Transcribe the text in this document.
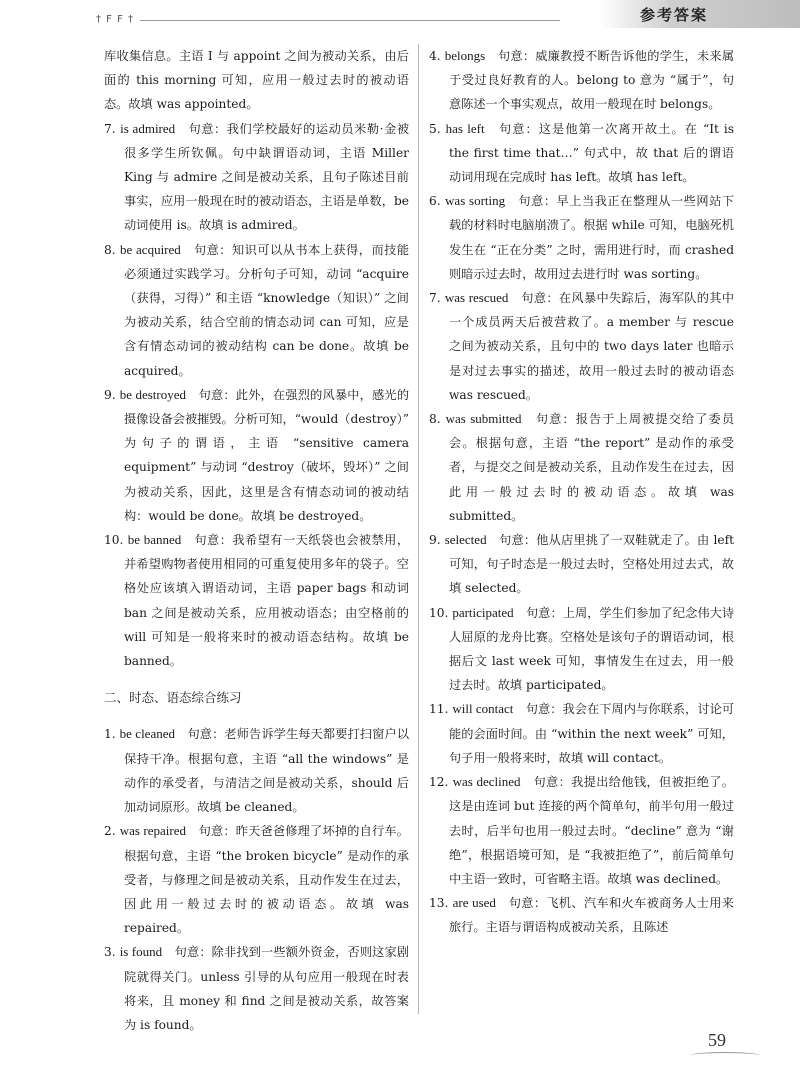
† F F †	参考答案

库收集信息。主语 I 与 appoint 之间为被动关系，由后面的 this morning 可知，应用一般过去时的被动语态。故填 was appointed。

7. is admired　 句意：我们学校最好的运动员米勒·金被很多学生所钦佩。句中缺谓语动词，主语 Miller King 与 admire 之间是被动关系，且句子陈述目前事实，应用一般现在时的被动语态，主语是单数，be 动词使用 is。故填 is admired。

8. be acquired　 句意：知识可以从书本上获得，而技能必须通过实践学习。分析句子可知，动词 “acquire（获得，习得）” 和主语 “knowledge（知识）” 之间为被动关系，结合空前的情态动词 can 可知，应是含有情态动词的被动结构 can be done。故填 be acquired。

9. be destroyed　 句意：此外，在强烈的风暴中，感光的摄像设备会被摧毁。分析可知，“would（destroy）” 为句子的谓语，主语 “sensitive camera equipment” 与动词 “destroy（破坏，毁坏）” 之间为被动关系，因此，这里是含有情态动词的被动结构：would be done。故填 be destroyed。

10. be banned　 句意：我希望有一天纸袋也会被禁用，并希望购物者使用相同的可重复使用多年的袋子。空格处应该填入谓语动词，主语 paper bags 和动词 ban 之间是被动关系，应用被动语态；由空格前的 will 可知是一般将来时的被动语态结构。故填 be banned。

二、时态、语态综合练习

1. be cleaned　 句意：老师告诉学生每天都要打扫窗户以保持干净。根据句意，主语 “all the windows” 是动作的承受者，与清洁之间是被动关系，should 后加动词原形。故填 be cleaned。

2. was repaired　 句意：昨天爸爸修理了坏掉的自行车。根据句意，主语 “the broken bicycle” 是动作的承受者，与修理之间是被动关系，且动作发生在过去，因此用一般过去时的被动语态。故填 was repaired。

3. is found　 句意：除非找到一些额外资金，否则这家剧院就得关门。unless 引导的从句应用一般现在时表将来，且 money 和 find 之间是被动关系，故答案为 is found。

4. belongs　 句意：威廉教授不断告诉他的学生，未来属于受过良好教育的人。belong to 意为 “属于”，句意陈述一个事实观点，故用一般现在时 belongs。

5. has left　 句意：这是他第一次离开故土。在 “It is the first time that…” 句式中，故 that 后的谓语动词用现在完成时 has left。故填 has left。

6. was sorting　 句意：早上当我正在整理从一些网站下载的材料时电脑崩溃了。根据 while 可知，电脑死机发生在 “正在分类” 之时，需用进行时，而 crashed 则暗示过去时，故用过去进行时 was sorting。

7. was rescued　 句意：在风暴中失踪后，海军队的其中一个成员两天后被营救了。a member 与 rescue 之间为被动关系，且句中的 two days later 也暗示是对过去事实的描述，故用一般过去时的被动语态 was rescued。

8. was submitted　 句意：报告于上周被提交给了委员会。根据句意，主语 “the report” 是动作的承受者，与提交之间是被动关系，且动作发生在过去，因此用一般过去时的被动语态。故填 was submitted。

9. selected　 句意：他从店里挑了一双鞋就走了。由 left 可知，句子时态是一般过去时，空格处用过去式，故填 selected。

10. participated　 句意：上周，学生们参加了纪念伟大诗人屈原的龙舟比赛。空格处是该句子的谓语动词，根据后文 last week 可知，事情发生在过去，用一般过去时。故填 participated。

11. will contact　 句意：我会在下周内与你联系，讨论可能的会面时间。由 “within the next week” 可知，句子用一般将来时，故填 will contact。

12. was declined　 句意：我提出给他钱，但被拒绝了。这是由连词 but 连接的两个简单句，前半句用一般过去时，后半句也用一般过去时。“decline” 意为 “谢绝”，根据语境可知，是 “我被拒绝了”，前后简单句中主语一致时，可省略主语。故填 was declined。

13. are used　 句意：飞机、汽车和火车被商务人士用来旅行。主语与谓语构成被动关系，且陈述

59
